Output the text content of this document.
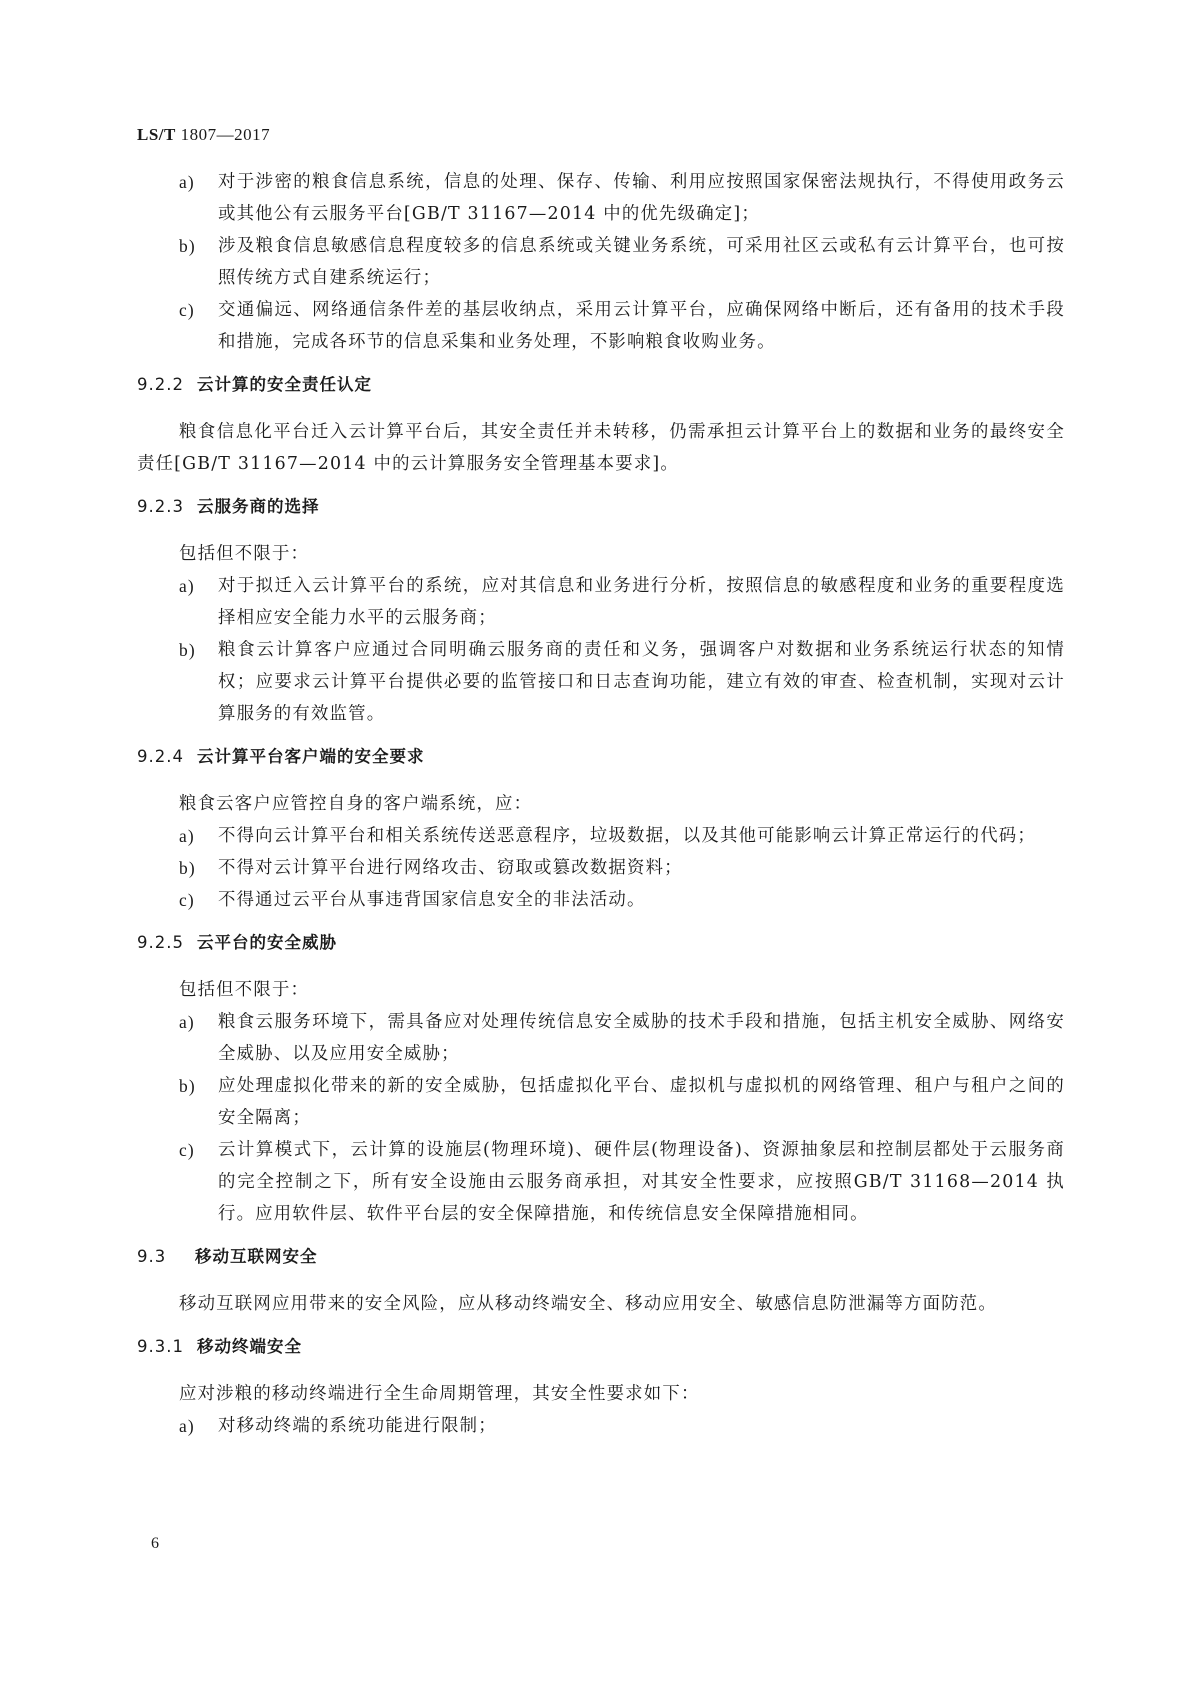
LS/T 1807—2017
a)	对于涉密的粮食信息系统，信息的处理、保存、传输、利用应按照国家保密法规执行，不得使用政务云或其他公有云服务平台[GB/T 31167—2014 中的优先级确定]；
b)	涉及粮食信息敏感信息程度较多的信息系统或关键业务系统，可采用社区云或私有云计算平台，也可按照传统方式自建系统运行；
c)	交通偏远、网络通信条件差的基层收纳点，采用云计算平台，应确保网络中断后，还有备用的技术手段和措施，完成各环节的信息采集和业务处理，不影响粮食收购业务。
9.2.2 云计算的安全责任认定
粮食信息化平台迁入云计算平台后，其安全责任并未转移，仍需承担云计算平台上的数据和业务的最终安全责任[GB/T 31167—2014 中的云计算服务安全管理基本要求]。
9.2.3 云服务商的选择
包括但不限于：
a)	对于拟迁入云计算平台的系统，应对其信息和业务进行分析，按照信息的敏感程度和业务的重要程度选择相应安全能力水平的云服务商；
b)	粮食云计算客户应通过合同明确云服务商的责任和义务，强调客户对数据和业务系统运行状态的知情权；应要求云计算平台提供必要的监管接口和日志查询功能，建立有效的审查、检查机制，实现对云计算服务的有效监管。
9.2.4 云计算平台客户端的安全要求
粮食云客户应管控自身的客户端系统，应：
a)	不得向云计算平台和相关系统传送恶意程序，垃圾数据，以及其他可能影响云计算正常运行的代码；
b)	不得对云计算平台进行网络攻击、窃取或篡改数据资料；
c)	不得通过云平台从事违背国家信息安全的非法活动。
9.2.5 云平台的安全威胁
包括但不限于：
a)	粮食云服务环境下，需具备应对处理传统信息安全威胁的技术手段和措施，包括主机安全威胁、网络安全威胁、以及应用安全威胁；
b)	应处理虚拟化带来的新的安全威胁，包括虚拟化平台、虚拟机与虚拟机的网络管理、租户与租户之间的安全隔离；
c)	云计算模式下，云计算的设施层(物理环境)、硬件层(物理设备)、资源抽象层和控制层都处于云服务商的完全控制之下，所有安全设施由云服务商承担，对其安全性要求，应按照GB/T 31168—2014 执行。应用软件层、软件平台层的安全保障措施，和传统信息安全保障措施相同。
9.3 移动互联网安全
移动互联网应用带来的安全风险，应从移动终端安全、移动应用安全、敏感信息防泄漏等方面防范。
9.3.1 移动终端安全
应对涉粮的移动终端进行全生命周期管理，其安全性要求如下：
a)	对移动终端的系统功能进行限制；
6
